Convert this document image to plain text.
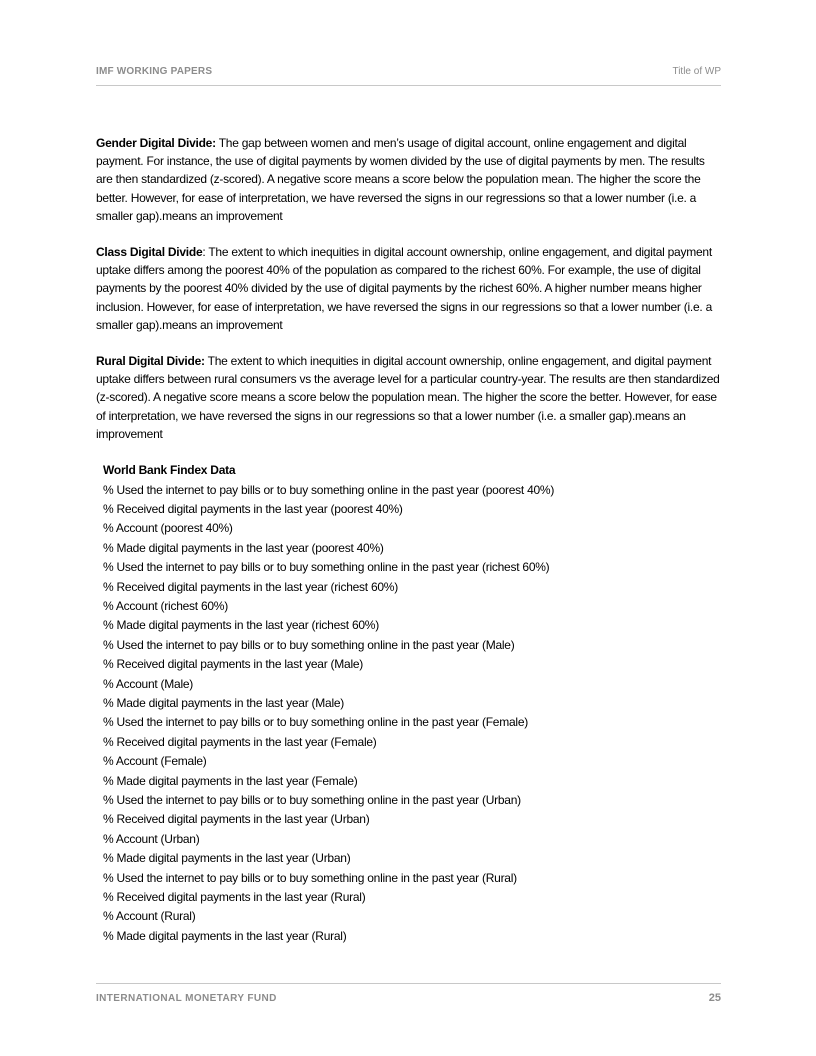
IMF WORKING PAPERS	Title of WP

Gender Digital Divide: The gap between women and men’s usage of digital account, online engagement and digital payment. For instance, the use of digital payments by women divided by the use of digital payments by men. The results are then standardized (z-scored). A negative score means a score below the population mean. The higher the score the better. However, for ease of interpretation, we have reversed the signs in our regressions so that a lower number (i.e. a smaller gap).means an improvement

Class Digital Divide: The extent to which inequities in digital account ownership, online engagement, and digital payment uptake differs among the poorest 40% of the population as compared to the richest 60%. For example, the use of digital payments by the poorest 40% divided by the use of digital payments by the richest 60%. A higher number means higher inclusion. However, for ease of interpretation, we have reversed the signs in our regressions so that a lower number (i.e. a smaller gap).means an improvement

Rural Digital Divide: The extent to which inequities in digital account ownership, online engagement, and digital payment uptake differs between rural consumers vs the average level for a particular country-year. The results are then standardized (z-scored). A negative score means a score below the population mean. The higher the score the better. However, for ease of interpretation, we have reversed the signs in our regressions so that a lower number (i.e. a smaller gap).means an improvement

World Bank Findex Data
% Used the internet to pay bills or to buy something online in the past year (poorest 40%)
% Received digital payments in the last year (poorest 40%)
% Account (poorest 40%)
% Made digital payments in the last year (poorest 40%)
% Used the internet to pay bills or to buy something online in the past year (richest 60%)
% Received digital payments in the last year (richest 60%)
% Account (richest 60%)
% Made digital payments in the last year (richest 60%)
% Used the internet to pay bills or to buy something online in the past year (Male)
% Received digital payments in the last year (Male)
% Account (Male)
% Made digital payments in the last year (Male)
% Used the internet to pay bills or to buy something online in the past year (Female)
% Received digital payments in the last year (Female)
% Account (Female)
% Made digital payments in the last year (Female)
% Used the internet to pay bills or to buy something online in the past year (Urban)
% Received digital payments in the last year (Urban)
% Account (Urban)
% Made digital payments in the last year (Urban)
% Used the internet to pay bills or to buy something online in the past year (Rural)
% Received digital payments in the last year (Rural)
% Account (Rural)
% Made digital payments in the last year (Rural)
INTERNATIONAL MONETARY FUND	25
